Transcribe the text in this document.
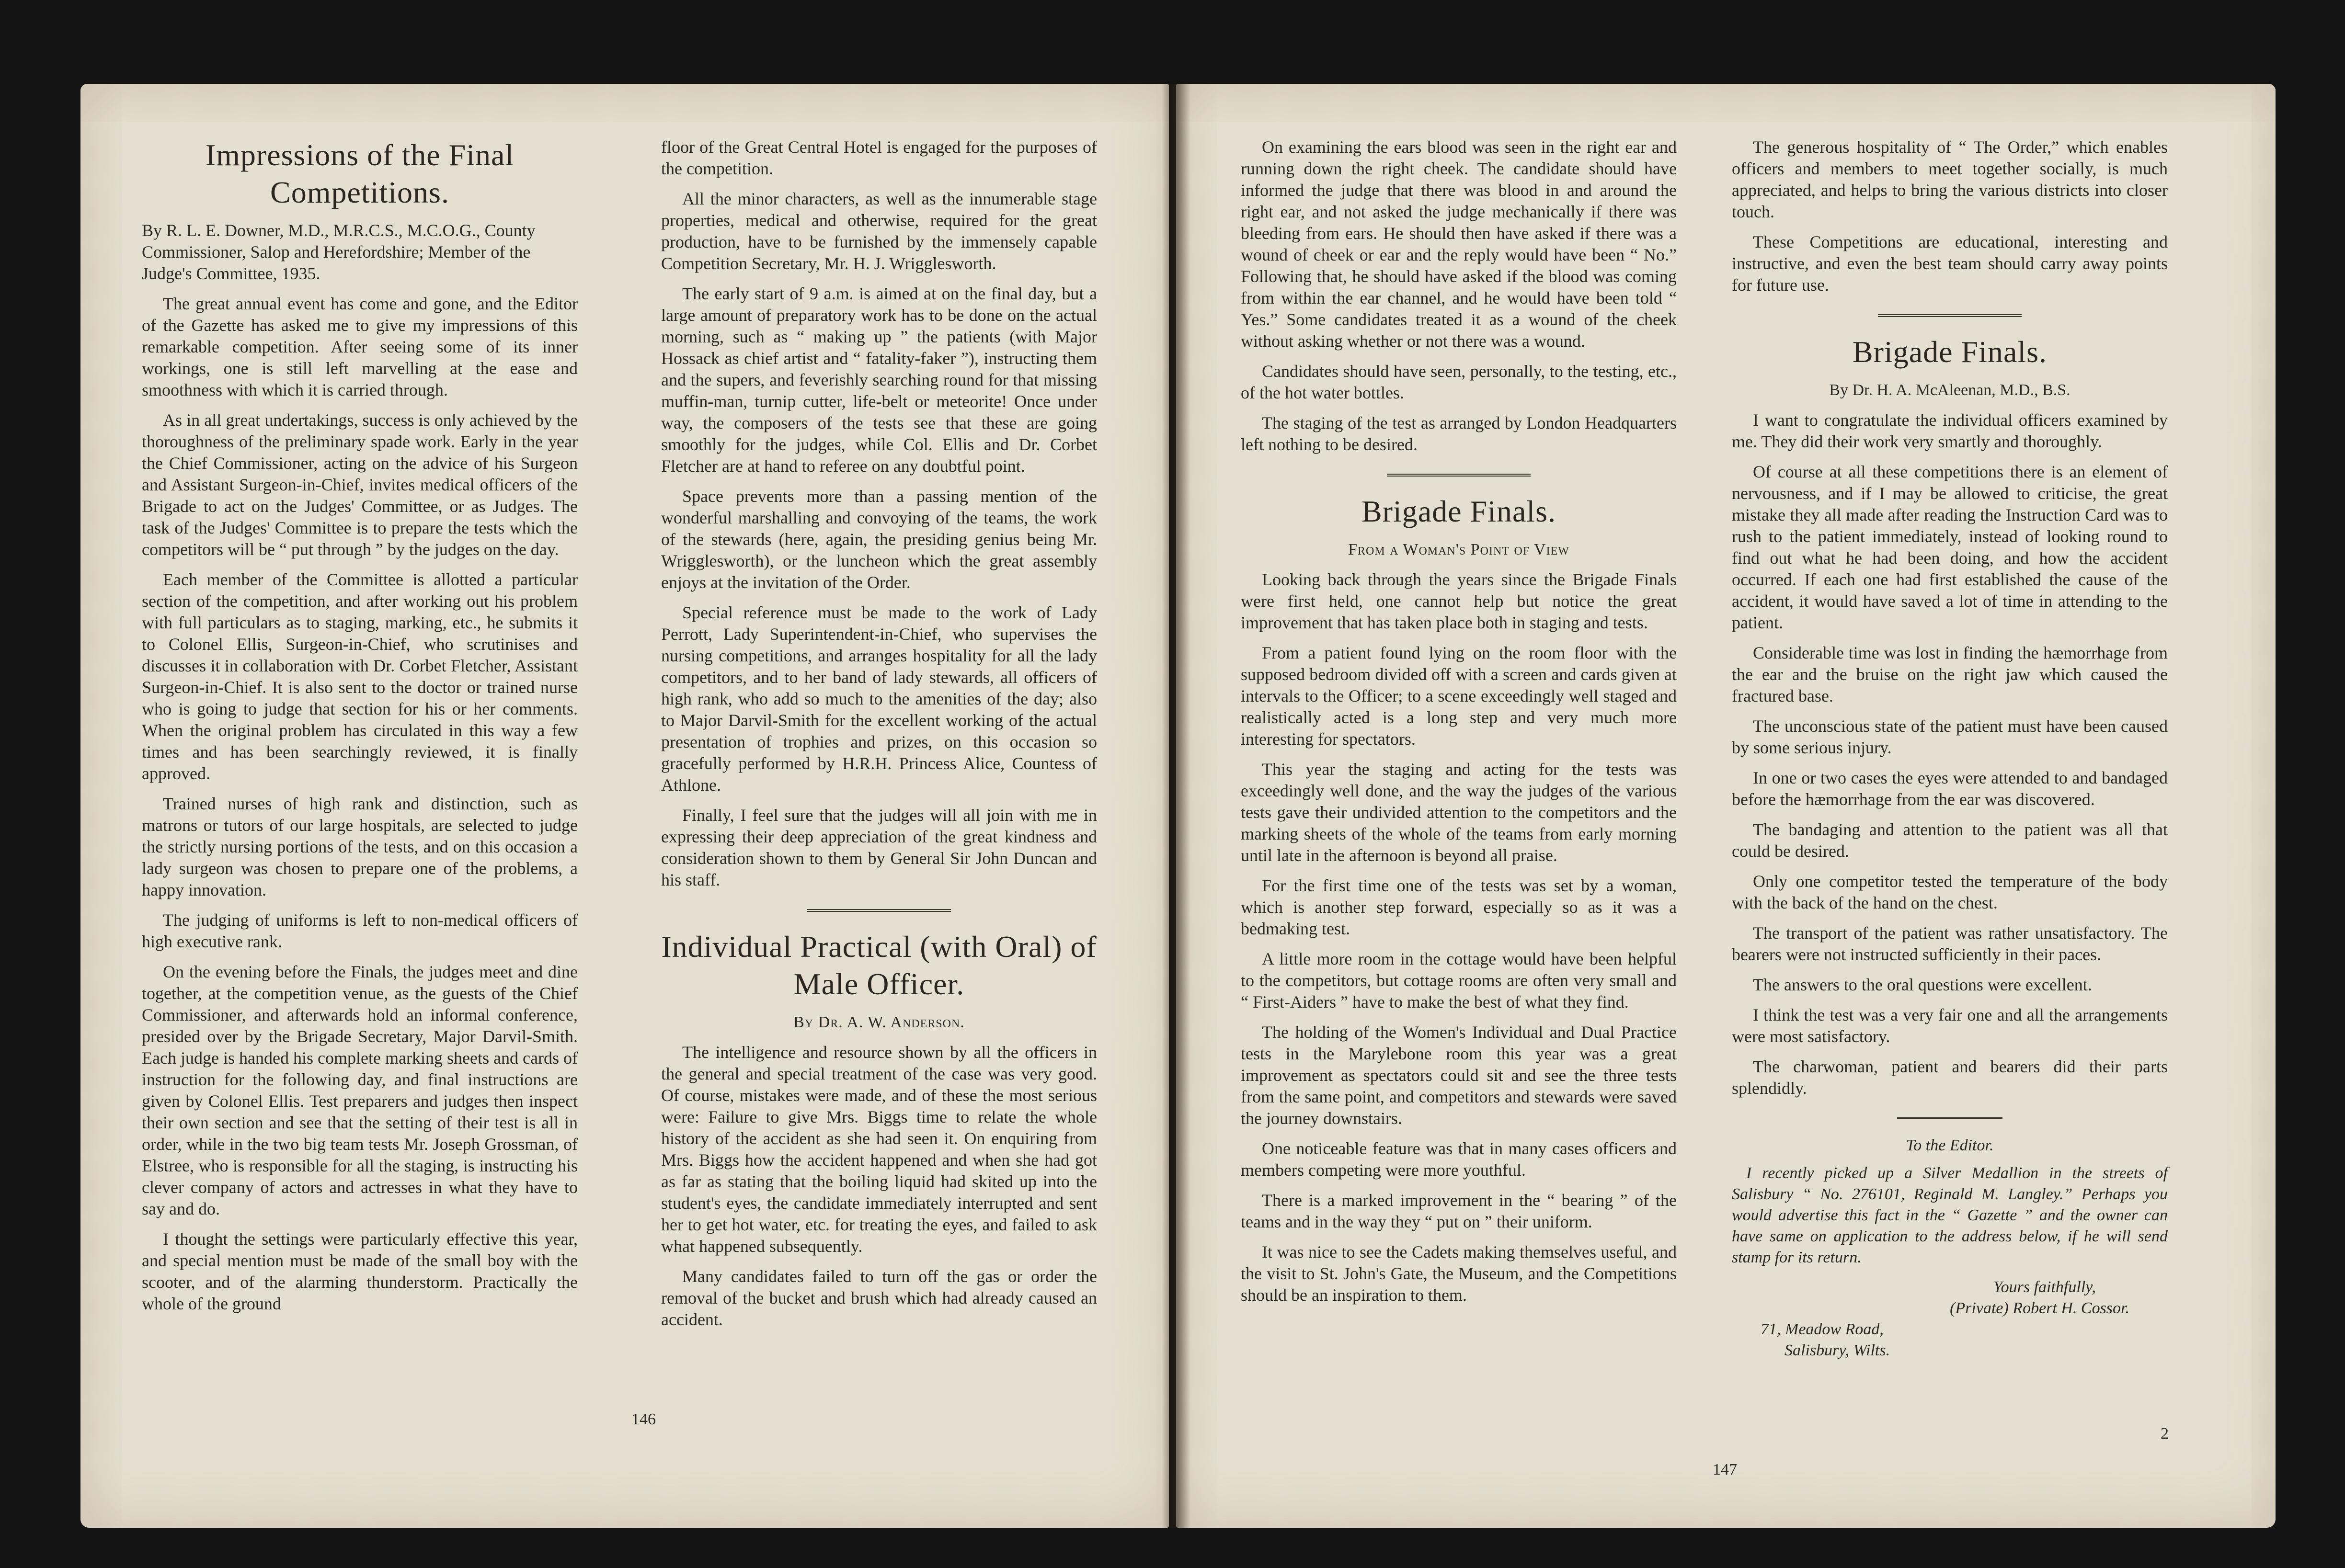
Impressions of the Final Competitions.

By R. L. E. Downer, M.D., M.R.C.S., M.C.O.G., County Commissioner, Salop and Herefordshire; Member of the Judge's Committee, 1935.

The great annual event has come and gone, and the Editor of the Gazette has asked me to give my impressions of this remarkable competition. After seeing some of its inner workings, one is still left marvelling at the ease and smoothness with which it is carried through.

As in all great undertakings, success is only achieved by the thoroughness of the preliminary spade work. Early in the year the Chief Commissioner, acting on the advice of his Surgeon and Assistant Surgeon-in-Chief, invites medical officers of the Brigade to act on the Judges' Committee, or as Judges. The task of the Judges' Committee is to prepare the tests which the competitors will be “ put through ” by the judges on the day.

Each member of the Committee is allotted a particular section of the competition, and after working out his problem with full particulars as to staging, marking, etc., he submits it to Colonel Ellis, Surgeon-in-Chief, who scrutinises and discusses it in collaboration with Dr. Corbet Fletcher, Assistant Surgeon-in-Chief. It is also sent to the doctor or trained nurse who is going to judge that section for his or her comments. When the original problem has circulated in this way a few times and has been searchingly reviewed, it is finally approved.

Trained nurses of high rank and distinction, such as matrons or tutors of our large hospitals, are selected to judge the strictly nursing portions of the tests, and on this occasion a lady surgeon was chosen to prepare one of the problems, a happy innovation.

The judging of uniforms is left to non-medical officers of high executive rank.

On the evening before the Finals, the judges meet and dine together, at the competition venue, as the guests of the Chief Commissioner, and afterwards hold an informal conference, presided over by the Brigade Secretary, Major Darvil-Smith. Each judge is handed his complete marking sheets and cards of instruction for the following day, and final instructions are given by Colonel Ellis. Test preparers and judges then inspect their own section and see that the setting of their test is all in order, while in the two big team tests Mr. Joseph Grossman, of Elstree, who is responsible for all the staging, is instructing his clever company of actors and actresses in what they have to say and do.

I thought the settings were particularly effective this year, and special mention must be made of the small boy with the scooter, and of the alarming thunderstorm. Practically the whole of the ground

floor of the Great Central Hotel is engaged for the purposes of the competition.

All the minor characters, as well as the innumerable stage properties, medical and otherwise, required for the great production, have to be furnished by the immensely capable Competition Secretary, Mr. H. J. Wrigglesworth.

The early start of 9 a.m. is aimed at on the final day, but a large amount of preparatory work has to be done on the actual morning, such as “ making up ” the patients (with Major Hossack as chief artist and “ fatality-faker ”), instructing them and the supers, and feverishly searching round for that missing muffin-man, turnip cutter, life-belt or meteorite! Once under way, the composers of the tests see that these are going smoothly for the judges, while Col. Ellis and Dr. Corbet Fletcher are at hand to referee on any doubtful point.

Space prevents more than a passing mention of the wonderful marshalling and convoying of the teams, the work of the stewards (here, again, the presiding genius being Mr. Wrigglesworth), or the luncheon which the great assembly enjoys at the invitation of the Order.

Special reference must be made to the work of Lady Perrott, Lady Superintendent-in-Chief, who supervises the nursing competitions, and arranges hospitality for all the lady competitors, and to her band of lady stewards, all officers of high rank, who add so much to the amenities of the day; also to Major Darvil-Smith for the excellent working of the actual presentation of trophies and prizes, on this occasion so gracefully performed by H.R.H. Princess Alice, Countess of Athlone.

Finally, I feel sure that the judges will all join with me in expressing their deep appreciation of the great kindness and consideration shown to them by General Sir John Duncan and his staff.

Individual Practical (with Oral) of Male Officer.

By Dr. A. W. Anderson.

The intelligence and resource shown by all the officers in the general and special treatment of the case was very good. Of course, mistakes were made, and of these the most serious were: Failure to give Mrs. Biggs time to relate the whole history of the accident as she had seen it. On enquiring from Mrs. Biggs how the accident happened and when she had got as far as stating that the boiling liquid had skited up into the student's eyes, the candidate immediately interrupted and sent her to get hot water, etc. for treating the eyes, and failed to ask what happened subsequently.

Many candidates failed to turn off the gas or order the removal of the bucket and brush which had already caused an accident.

146

On examining the ears blood was seen in the right ear and running down the right cheek. The candidate should have informed the judge that there was blood in and around the right ear, and not asked the judge mechanically if there was bleeding from ears. He should then have asked if there was a wound of cheek or ear and the reply would have been “ No.” Following that, he should have asked if the blood was coming from within the ear channel, and he would have been told “ Yes.” Some candidates treated it as a wound of the cheek without asking whether or not there was a wound.

Candidates should have seen, personally, to the testing, etc., of the hot water bottles.

The staging of the test as arranged by London Headquarters left nothing to be desired.

Brigade Finals.

From a Woman's Point of View

Looking back through the years since the Brigade Finals were first held, one cannot help but notice the great improvement that has taken place both in staging and tests.

From a patient found lying on the room floor with the supposed bedroom divided off with a screen and cards given at intervals to the Officer; to a scene exceedingly well staged and realistically acted is a long step and very much more interesting for spectators.

This year the staging and acting for the tests was exceedingly well done, and the way the judges of the various tests gave their undivided attention to the competitors and the marking sheets of the whole of the teams from early morning until late in the afternoon is beyond all praise.

For the first time one of the tests was set by a woman, which is another step forward, especially so as it was a bedmaking test.

A little more room in the cottage would have been helpful to the competitors, but cottage rooms are often very small and “ First-Aiders ” have to make the best of what they find.

The holding of the Women's Individual and Dual Practice tests in the Marylebone room this year was a great improvement as spectators could sit and see the three tests from the same point, and competitors and stewards were saved the journey downstairs.

One noticeable feature was that in many cases officers and members competing were more youthful.

There is a marked improvement in the “ bearing ” of the teams and in the way they “ put on ” their uniform.

It was nice to see the Cadets making themselves useful, and the visit to St. John's Gate, the Museum, and the Competitions should be an inspiration to them.

The generous hospitality of “ The Order,” which enables officers and members to meet together socially, is much appreciated, and helps to bring the various districts into closer touch.

These Competitions are educational, interesting and instructive, and even the best team should carry away points for future use.

Brigade Finals.

By Dr. H. A. McAleenan, M.D., B.S.

I want to congratulate the individual officers examined by me. They did their work very smartly and thoroughly.

Of course at all these competitions there is an element of nervousness, and if I may be allowed to criticise, the great mistake they all made after reading the Instruction Card was to rush to the patient immediately, instead of looking round to find out what he had been doing, and how the accident occurred. If each one had first established the cause of the accident, it would have saved a lot of time in attending to the patient.

Considerable time was lost in finding the hæmorrhage from the ear and the bruise on the right jaw which caused the fractured base.

The unconscious state of the patient must have been caused by some serious injury.

In one or two cases the eyes were attended to and bandaged before the hæmorrhage from the ear was discovered.

The bandaging and attention to the patient was all that could be desired.

Only one competitor tested the temperature of the body with the back of the hand on the chest.

The transport of the patient was rather unsatisfactory. The bearers were not instructed sufficiently in their paces.

The answers to the oral questions were excellent.

I think the test was a very fair one and all the arrangements were most satisfactory.

The charwoman, patient and bearers did their parts splendidly.

To the Editor.

I recently picked up a Silver Medallion in the streets of Salisbury “ No. 276101, Reginald M. Langley.” Perhaps you would advertise this fact in the “ Gazette ” and the owner can have same on application to the address below, if he will send stamp for its return.

Yours faithfully,

(Private) Robert H. Cossor.

71, Meadow Road,

Salisbury, Wilts.

147
2
